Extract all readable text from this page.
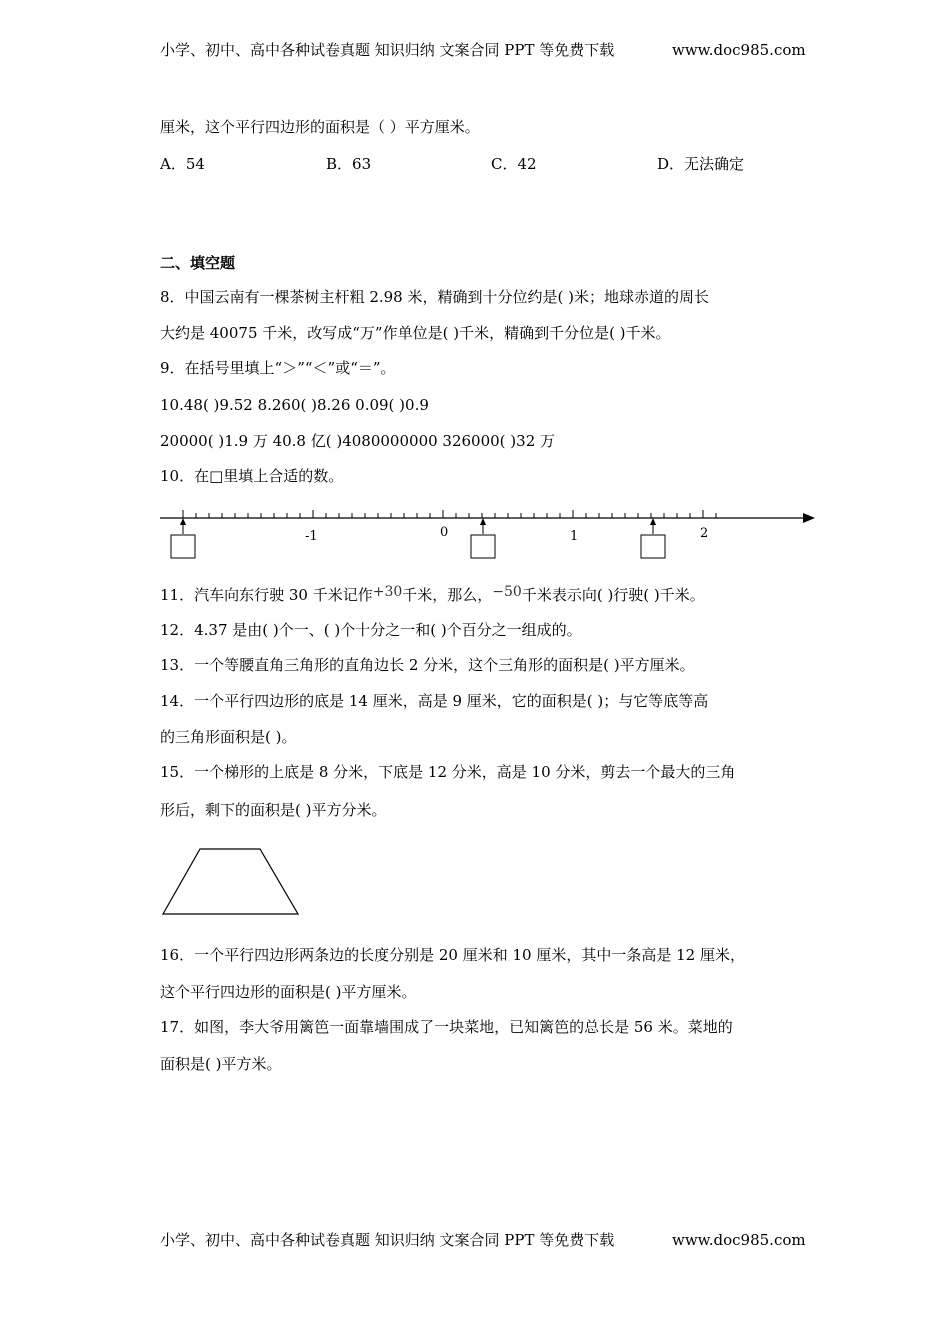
小学、初中、高中各种试卷真题 知识归纳 文案合同 PPT 等免费下载	www.doc985.com
厘米，这个平行四边形的面积是（ ）平方厘米。
A．54	B．63	C．42	D．无法确定
二、填空题
8．中国云南有一棵茶树主杆粗 2.98 米，精确到十分位约是( )米；地球赤道的周长
大约是 40075 千米，改写成“万”作单位是( )千米，精确到千分位是( )千米。
9．在括号里填上“＞”“＜”或“＝”。
10.48( )9.52 8.260( )8.26 0.09( )0.9
20000( )1.9 万 40.8 亿( )4080000000 326000( )32 万
10．在□里填上合适的数。
-1	0	1	2
11．汽车向东行驶 30 千米记作+30千米，那么，−50千米表示向( )行驶( )千米。
12．4.37 是由( )个一、( )个十分之一和( )个百分之一组成的。
13．一个等腰直角三角形的直角边长 2 分米，这个三角形的面积是( )平方厘米。
14．一个平行四边形的底是 14 厘米，高是 9 厘米，它的面积是( )；与它等底等高
的三角形面积是( )。
15．一个梯形的上底是 8 分米，下底是 12 分米，高是 10 分米，剪去一个最大的三角
形后，剩下的面积是( )平方分米。
16．一个平行四边形两条边的长度分别是 20 厘米和 10 厘米，其中一条高是 12 厘米，
这个平行四边形的面积是( )平方厘米。
17．如图，李大爷用篱笆一面靠墙围成了一块菜地，已知篱笆的总长是 56 米。菜地的
面积是( )平方米。
小学、初中、高中各种试卷真题 知识归纳 文案合同 PPT 等免费下载	www.doc985.com
